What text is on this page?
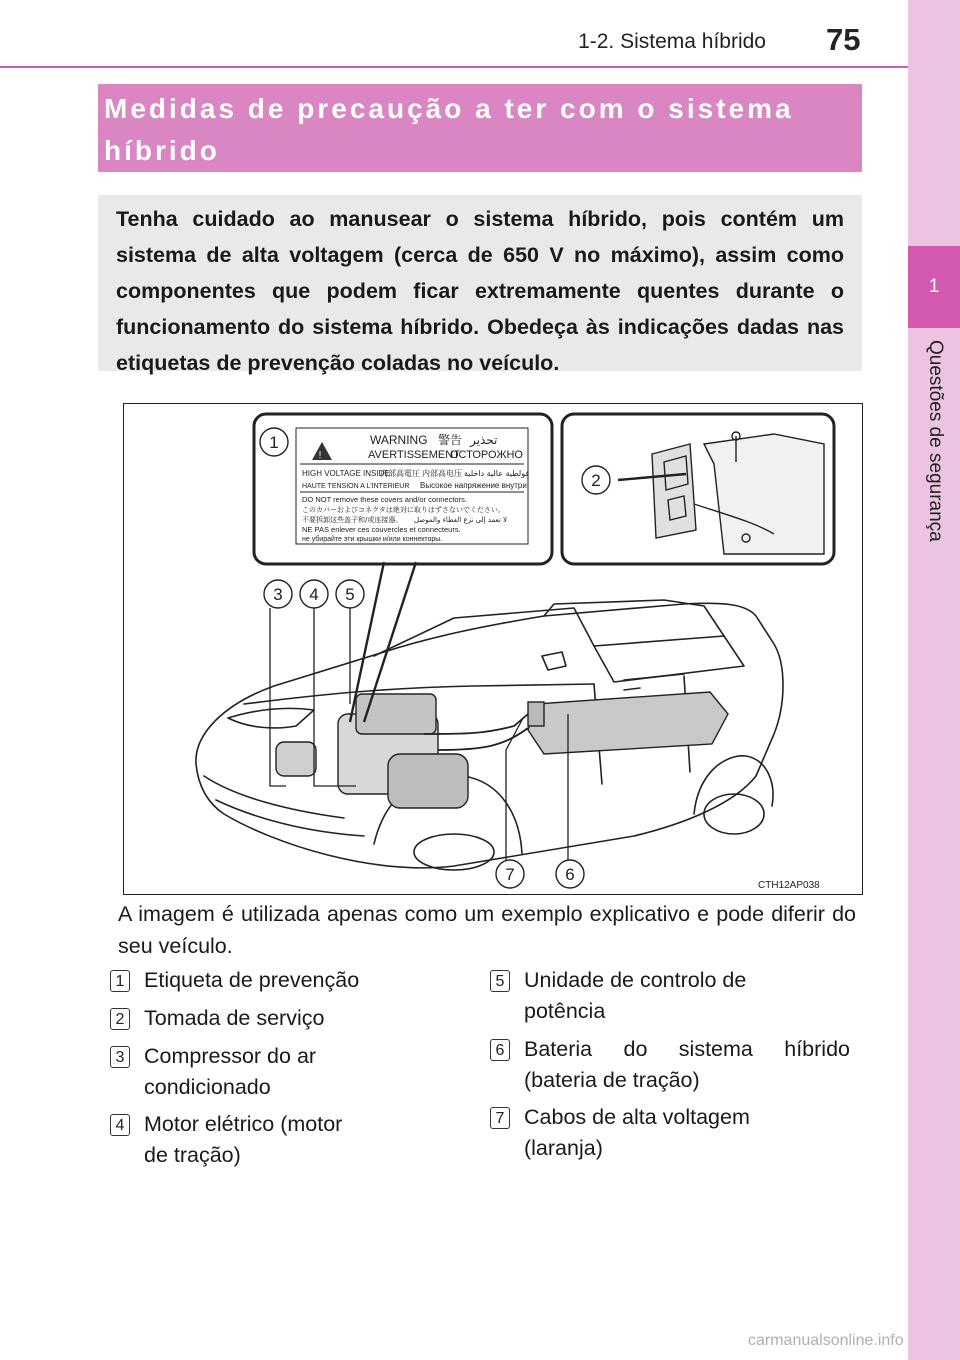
1-2. Sistema híbrido 75
1
Questões de segurança
Medidas de precaução a ter com o sistema híbrido

Tenha cuidado ao manusear o sistema híbrido, pois contém um sistema de alta voltagem (cerca de 650 V no máximo), assim como componentes que podem ficar extremamente quentes durante o funcionamento do sistema híbrido. Obedeça às indicações dadas nas etiquetas de prevenção coladas no veículo.

!
WARNING 警告 تحذير
AVERTISSEMENT
ОСТОРОЖНО
HIGH VOLTAGE INSIDE
内部高電圧 内部高电压 فولطية عالية داخلية
HAUTE TENSION A L'INTERIEUR Высокое напряжение внутри
DO NOT remove these covers and/or connectors.
このカバーおよびコネクタは絶対に取りはずさないでください。
不要拆卸这些盖子和/或连接器。 لا تعمد إلى نزع الغطاء والموصل
NE PAS enlever ces couvercles et connecteurs.
не убирайте эти крышки и/или коннекторы.
1
2
3 4 5
6
7
CTH12AP038

A imagem é utilizada apenas como um exemplo explicativo e pode diferir do seu veículo.

1 Etiqueta de prevenção
2 Tomada de serviço
3 Compressor do ar condicionado
4 Motor elétrico (motor de tração)
5 Unidade de controlo de potência
6 Bateria do sistema híbrido (bateria de tração)
7 Cabos de alta voltagem (laranja)
carmanualsonline.info
